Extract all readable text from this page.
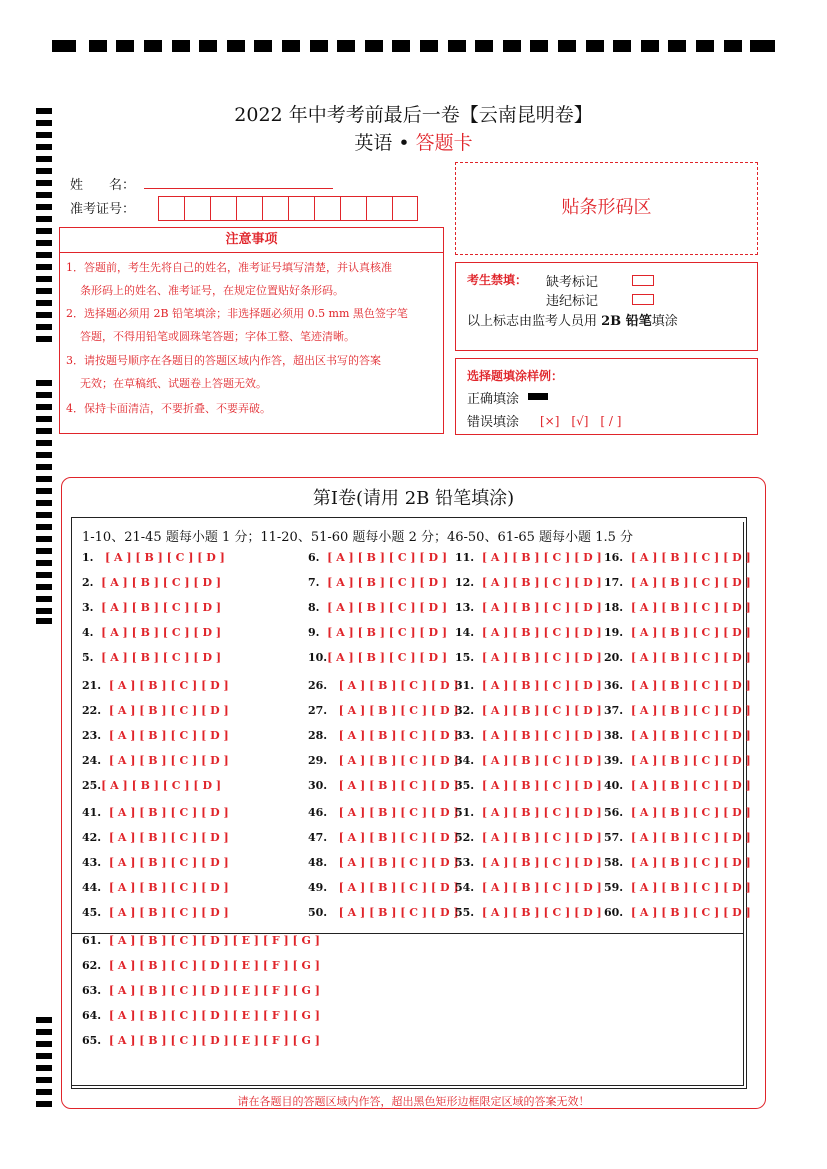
2022 年中考考前最后一卷【云南昆明卷】
英语 • 答题卡
姓　　名：
准考证号：
注意事项
1．答题前，考生先将自己的姓名，准考证号填写清楚，并认真核准
条形码上的姓名、准考证号，在规定位置贴好条形码。
2．选择题必须用 2B 铅笔填涂；非选择题必须用 0.5 mm 黑色签字笔
答题，不得用铅笔或圆珠笔答题；字体工整、笔迹清晰。
3．请按题号顺序在各题目的答题区域内作答，超出区书写的答案
无效；在草稿纸、试题卷上答题无效。
4．保持卡面清洁，不要折叠、不要弄破。
贴条形码区
考生禁填： 缺考标记
违纪标记
以上标志由监考人员用 2B 铅笔填涂
选择题填涂样例：
正确填涂
错误填涂 [×]　[√]　[ / ]
第Ⅰ卷(请用 2B 铅笔填涂)
1-10、21-45 题每小题 1 分；11-20、51-60 题每小题 2 分；46-50、61-65 题每小题 1.5 分
1. [ A ] [ B ] [ C ] [ D ]
2. [ A ] [ B ] [ C ] [ D ]
3. [ A ] [ B ] [ C ] [ D ]
4. [ A ] [ B ] [ C ] [ D ]
5. [ A ] [ B ] [ C ] [ D ]
6. [ A ] [ B ] [ C ] [ D ]
7. [ A ] [ B ] [ C ] [ D ]
8. [ A ] [ B ] [ C ] [ D ]
9. [ A ] [ B ] [ C ] [ D ]
10.[ A ] [ B ] [ C ] [ D ]
11. [ A ] [ B ] [ C ] [ D ]
12. [ A ] [ B ] [ C ] [ D ]
13. [ A ] [ B ] [ C ] [ D ]
14. [ A ] [ B ] [ C ] [ D ]
15. [ A ] [ B ] [ C ] [ D ]
16. [ A ] [ B ] [ C ] [ D ]
17. [ A ] [ B ] [ C ] [ D ]
18. [ A ] [ B ] [ C ] [ D ]
19. [ A ] [ B ] [ C ] [ D ]
20. [ A ] [ B ] [ C ] [ D ]
21. [ A ] [ B ] [ C ] [ D ]
22. [ A ] [ B ] [ C ] [ D ]
23. [ A ] [ B ] [ C ] [ D ]
24. [ A ] [ B ] [ C ] [ D ]
25.[ A ] [ B ] [ C ] [ D ]
26. [ A ] [ B ] [ C ] [ D ]
27. [ A ] [ B ] [ C ] [ D ]
28. [ A ] [ B ] [ C ] [ D ]
29. [ A ] [ B ] [ C ] [ D ]
30. [ A ] [ B ] [ C ] [ D ]
31. [ A ] [ B ] [ C ] [ D ]
32. [ A ] [ B ] [ C ] [ D ]
33. [ A ] [ B ] [ C ] [ D ]
34. [ A ] [ B ] [ C ] [ D ]
35. [ A ] [ B ] [ C ] [ D ]
36. [ A ] [ B ] [ C ] [ D ]
37. [ A ] [ B ] [ C ] [ D ]
38. [ A ] [ B ] [ C ] [ D ]
39. [ A ] [ B ] [ C ] [ D ]
40. [ A ] [ B ] [ C ] [ D ]
41. [ A ] [ B ] [ C ] [ D ]
42. [ A ] [ B ] [ C ] [ D ]
43. [ A ] [ B ] [ C ] [ D ]
44. [ A ] [ B ] [ C ] [ D ]
45. [ A ] [ B ] [ C ] [ D ]
46. [ A ] [ B ] [ C ] [ D ]
47. [ A ] [ B ] [ C ] [ D ]
48. [ A ] [ B ] [ C ] [ D ]
49. [ A ] [ B ] [ C ] [ D ]
50. [ A ] [ B ] [ C ] [ D ]
51. [ A ] [ B ] [ C ] [ D ]
52. [ A ] [ B ] [ C ] [ D ]
53. [ A ] [ B ] [ C ] [ D ]
54. [ A ] [ B ] [ C ] [ D ]
55. [ A ] [ B ] [ C ] [ D ]
56. [ A ] [ B ] [ C ] [ D ]
57. [ A ] [ B ] [ C ] [ D ]
58. [ A ] [ B ] [ C ] [ D ]
59. [ A ] [ B ] [ C ] [ D ]
60. [ A ] [ B ] [ C ] [ D ]
61. [ A ] [ B ] [ C ] [ D ] [ E ] [ F ] [ G ]
62. [ A ] [ B ] [ C ] [ D ] [ E ] [ F ] [ G ]
63. [ A ] [ B ] [ C ] [ D ] [ E ] [ F ] [ G ]
64. [ A ] [ B ] [ C ] [ D ] [ E ] [ F ] [ G ]
65. [ A ] [ B ] [ C ] [ D ] [ E ] [ F ] [ G ]
请在各题目的答题区域内作答，超出黑色矩形边框限定区域的答案无效！
